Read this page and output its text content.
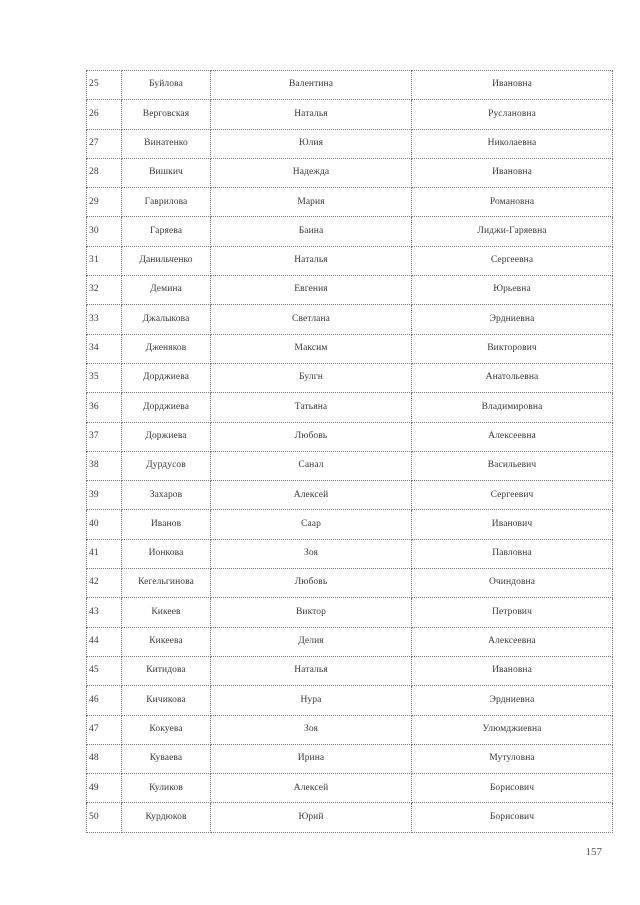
25	Буйлова	Валентина	Ивановна
26	Верговская	Наталья	Руслановна
27	Винатенко	Юлия	Николаевна
28	Вишкич	Надежда	Ивановна
29	Гаврилова	Мария	Романовна
30	Гаряева	Баина	Лиджи-Гаряевна
31	Данильченко	Наталья	Сергеевна
32	Демина	Евгения	Юрьевна
33	Джалыкова	Светлана	Эрдниевна
34	Дженяков	Максим	Викторович
35	Дорджиева	Булгн	Анатольевна
36	Дорджиева	Татьяна	Владимировна
37	Доржиева	Любовь	Алексеевна
38	Дурдусов	Санал	Васильевич
39	Захаров	Алексей	Сергеевич
40	Иванов	Саар	Иванович
41	Ионкова	Зоя	Павловна
42	Кегельгинова	Любовь	Очиндовна
43	Кикеев	Виктор	Петрович
44	Кикеева	Делия	Алексеевна
45	Китидова	Наталья	Ивановна
46	Кичикова	Нура	Эрдниевна
47	Кокуева	Зоя	Улюмджиевна
48	Куваева	Ирина	Мутуловна
49	Куликов	Алексей	Борисович
50	Курдюков	Юрий	Борисович
157
